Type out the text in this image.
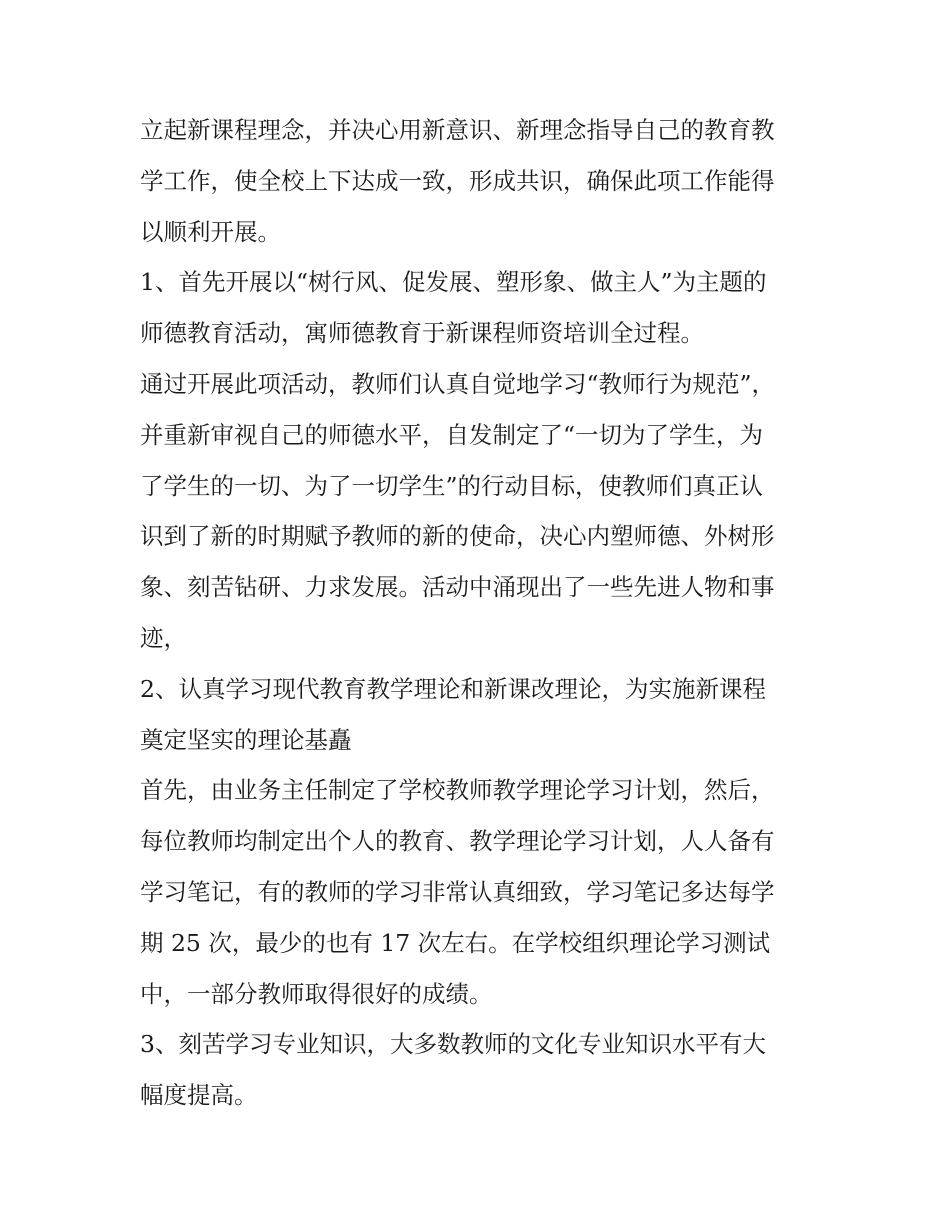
立起新课程理念，并决心用新意识、新理念指导自己的教育教
学工作，使全校上下达成一致，形成共识，确保此项工作能得
以顺利开展。

1、首先开展以“树行风、促发展、塑形象、做主人”为主题的
师德教育活动，寓师德教育于新课程师资培训全过程。

通过开展此项活动，教师们认真自觉地学习“教师行为规范”，
并重新审视自己的师德水平，自发制定了“一切为了学生，为
了学生的一切、为了一切学生”的行动目标，使教师们真正认
识到了新的时期赋予教师的新的使命，决心内塑师德、外树形
象、刻苦钻研、力求发展。活动中涌现出了一些先进人物和事
迹，

2、认真学习现代教育教学理论和新课改理论，为实施新课程
奠定坚实的理论基矗

首先，由业务主任制定了学校教师教学理论学习计划，然后，
每位教师均制定出个人的教育、教学理论学习计划，人人备有
学习笔记，有的教师的学习非常认真细致，学习笔记多达每学
期 25 次，最少的也有 17 次左右。在学校组织理论学习测试
中，一部分教师取得很好的成绩。

3、刻苦学习专业知识，大多数教师的文化专业知识水平有大
幅度提高。
